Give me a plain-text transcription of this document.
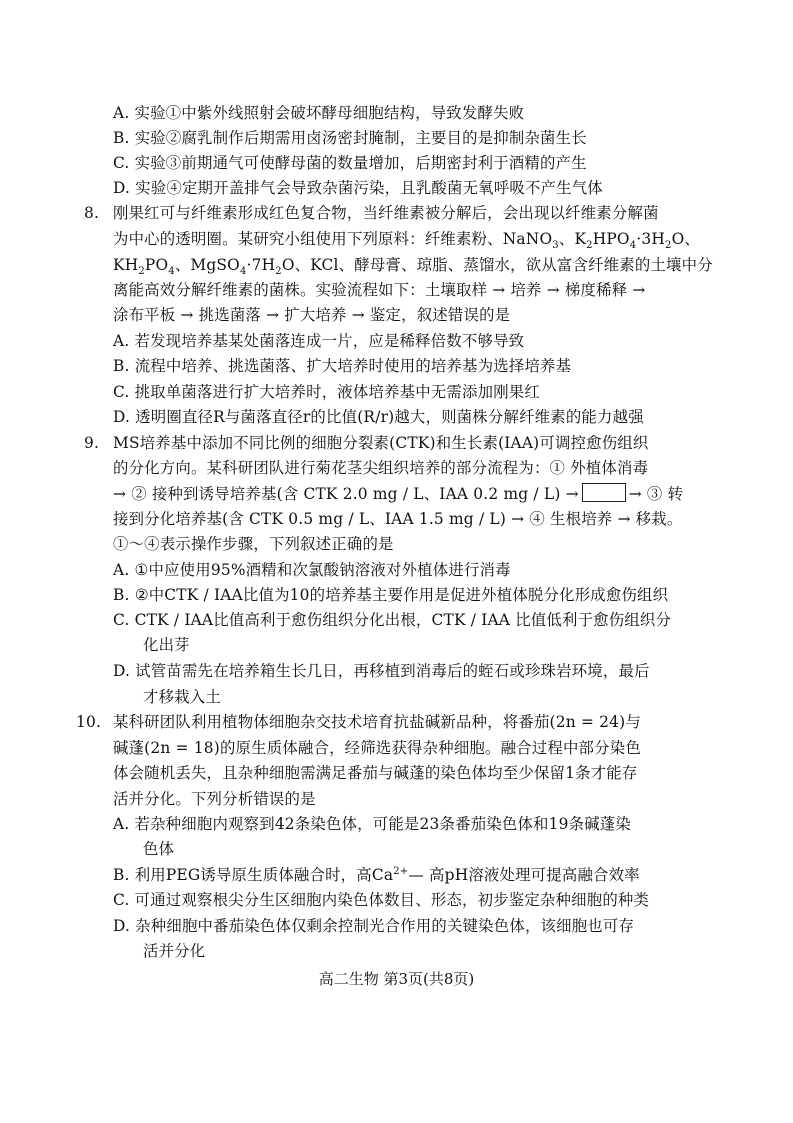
A. 实验①中紫外线照射会破坏酵母细胞结构，导致发酵失败
B. 实验②腐乳制作后期需用卤汤密封腌制，主要目的是抑制杂菌生长
C. 实验③前期通气可使酵母菌的数量增加，后期密封利于酒精的产生
D. 实验④定期开盖排气会导致杂菌污染，且乳酸菌无氧呼吸不产生气体
8. 刚果红可与纤维素形成红色复合物，当纤维素被分解后，会出现以纤维素分解菌
为中心的透明圈。某研究小组使用下列原料：纤维素粉、NaNO$_3$、$K_2HPO_4\cdot 3H_2O$、
$KH_2PO_4$、$MgSO_4\cdot 7H_2O$、KCl、酵母膏、琼脂、蒸馏水，欲从富含纤维素的土壤中分
离能高效分解纤维素的菌株。实验流程如下：土壤取样 → 培养 → 梯度稀释 →
涂布平板 → 挑选菌落 → 扩大培养 → 鉴定，叙述错误的是
A. 若发现培养基某处菌落连成一片，应是稀释倍数不够导致
B. 流程中培养、挑选菌落、扩大培养时使用的培养基为选择培养基
C. 挑取单菌落进行扩大培养时，液体培养基中无需添加刚果红
D. 透明圈直径R与菌落直径r的比值(R/r)越大，则菌株分解纤维素的能力越强
9. MS培养基中添加不同比例的细胞分裂素(CTK)和生长素(IAA)可调控愈伤组织
的分化方向。某科研团队进行菊花茎尖组织培养的部分流程为：① 外植体消毒
→ ② 接种到诱导培养基(含 CTK 2.0 mg / L、IAA 0.2 mg / L) →	→ ③ 转
接到分化培养基(含 CTK 0.5 mg / L、IAA 1.5 mg / L) → ④ 生根培养 → 移栽。
①～④表示操作步骤，下列叙述正确的是
A. ①中应使用95%酒精和次氯酸钠溶液对外植体进行消毒
B. ②中CTK / IAA比值为10的培养基主要作用是促进外植体脱分化形成愈伤组织
C. CTK / IAA比值高利于愈伤组织分化出根，CTK / IAA 比值低利于愈伤组织分
化出芽
D. 试管苗需先在培养箱生长几日，再移植到消毒后的蛭石或珍珠岩环境，最后
才移栽入土
10. 某科研团队利用植物体细胞杂交技术培育抗盐碱新品种，将番茄(2n = 24)与
碱蓬(2n = 18)的原生质体融合，经筛选获得杂种细胞。融合过程中部分染色
体会随机丢失，且杂种细胞需满足番茄与碱蓬的染色体均至少保留1条才能存
活并分化。下列分析错误的是
A. 若杂种细胞内观察到42条染色体，可能是23条番茄染色体和19条碱蓬染
色体
B. 利用PEG诱导原生质体融合时，高$Ca^{2+}—$ 高pH溶液处理可提高融合效率
C. 可通过观察根尖分生区细胞内染色体数目、形态，初步鉴定杂种细胞的种类
D. 杂种细胞中番茄染色体仅剩余控制光合作用的关键染色体，该细胞也可存
活并分化
高二生物 第3页(共8页)
